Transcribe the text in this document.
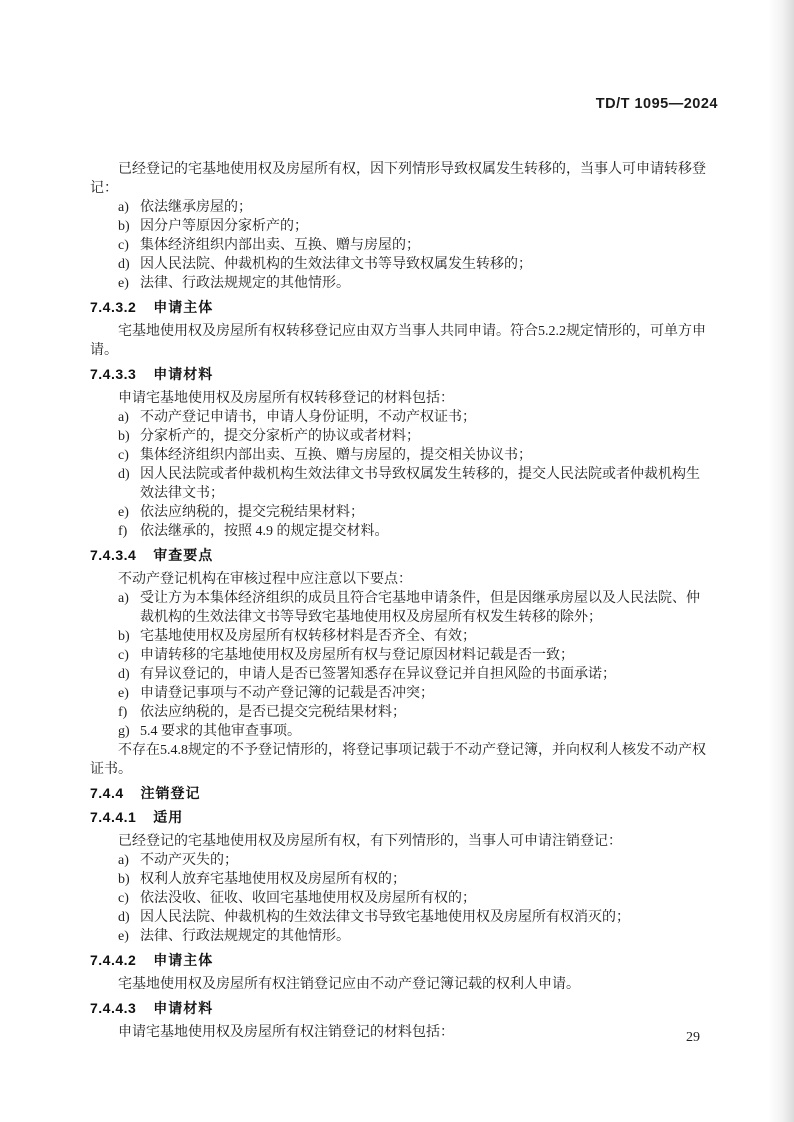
TD/T 1095—2024

已经登记的宅基地使用权及房屋所有权，因下列情形导致权属发生转移的，当事人可申请转移登记：

a) 依法继承房屋的；
b) 因分户等原因分家析产的；
c) 集体经济组织内部出卖、互换、赠与房屋的；
d) 因人民法院、仲裁机构的生效法律文书等导致权属发生转移的；
e) 法律、行政法规规定的其他情形。
7.4.3.2 申请主体

宅基地使用权及房屋所有权转移登记应由双方当事人共同申请。符合5.2.2规定情形的，可单方申请。

7.4.3.3 申请材料

申请宅基地使用权及房屋所有权转移登记的材料包括：

a) 不动产登记申请书，申请人身份证明，不动产权证书；
b) 分家析产的，提交分家析产的协议或者材料；
c) 集体经济组织内部出卖、互换、赠与房屋的，提交相关协议书；
d) 因人民法院或者仲裁机构生效法律文书导致权属发生转移的，提交人民法院或者仲裁机构生效法律文书；
e) 依法应纳税的，提交完税结果材料；
f) 依法继承的，按照 4.9 的规定提交材料。
7.4.3.4 审查要点

不动产登记机构在审核过程中应注意以下要点：

a) 受让方为本集体经济组织的成员且符合宅基地申请条件，但是因继承房屋以及人民法院、仲裁机构的生效法律文书等导致宅基地使用权及房屋所有权发生转移的除外；
b) 宅基地使用权及房屋所有权转移材料是否齐全、有效；
c) 申请转移的宅基地使用权及房屋所有权与登记原因材料记载是否一致；
d) 有异议登记的，申请人是否已签署知悉存在异议登记并自担风险的书面承诺；
e) 申请登记事项与不动产登记簿的记载是否冲突；
f) 依法应纳税的，是否已提交完税结果材料；
g) 5.4 要求的其他审查事项。

不存在5.4.8规定的不予登记情形的，将登记事项记载于不动产登记簿，并向权利人核发不动产权证书。

7.4.4 注销登记
7.4.4.1 适用

已经登记的宅基地使用权及房屋所有权，有下列情形的，当事人可申请注销登记：

a) 不动产灭失的；
b) 权利人放弃宅基地使用权及房屋所有权的；
c) 依法没收、征收、收回宅基地使用权及房屋所有权的；
d) 因人民法院、仲裁机构的生效法律文书导致宅基地使用权及房屋所有权消灭的；
e) 法律、行政法规规定的其他情形。
7.4.4.2 申请主体

宅基地使用权及房屋所有权注销登记应由不动产登记簿记载的权利人申请。

7.4.4.3 申请材料

申请宅基地使用权及房屋所有权注销登记的材料包括：	29
